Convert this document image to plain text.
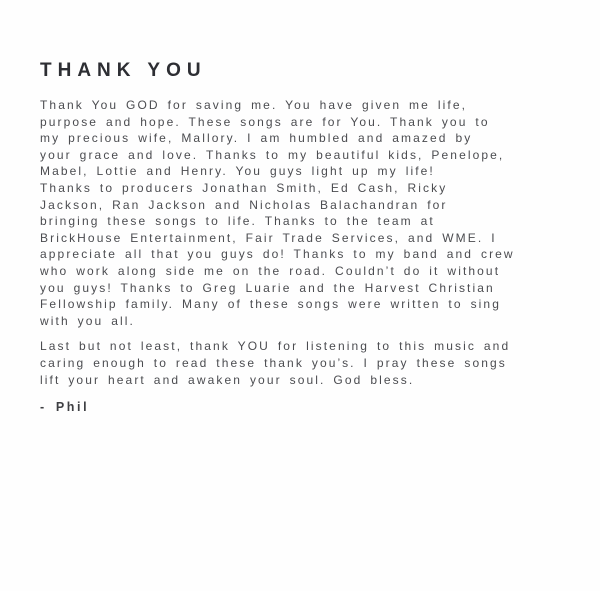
THANK YOU
Thank You GOD for saving me. You have given me life,
purpose and hope. These songs are for You. Thank you to
my precious wife, Mallory. I am humbled and amazed by
your grace and love. Thanks to my beautiful kids, Penelope,
Mabel, Lottie and Henry. You guys light up my life!
Thanks to producers Jonathan Smith, Ed Cash, Ricky
Jackson, Ran Jackson and Nicholas Balachandran for
bringing these songs to life. Thanks to the team at
BrickHouse Entertainment, Fair Trade Services, and WME. I
appreciate all that you guys do! Thanks to my band and crew
who work along side me on the road. Couldn’t do it without
you guys! Thanks to Greg Luarie and the Harvest Christian
Fellowship family. Many of these songs were written to sing
with you all.
Last but not least, thank YOU for listening to this music and
caring enough to read these thank you’s. I pray these songs
lift your heart and awaken your soul. God bless.
- Phil
